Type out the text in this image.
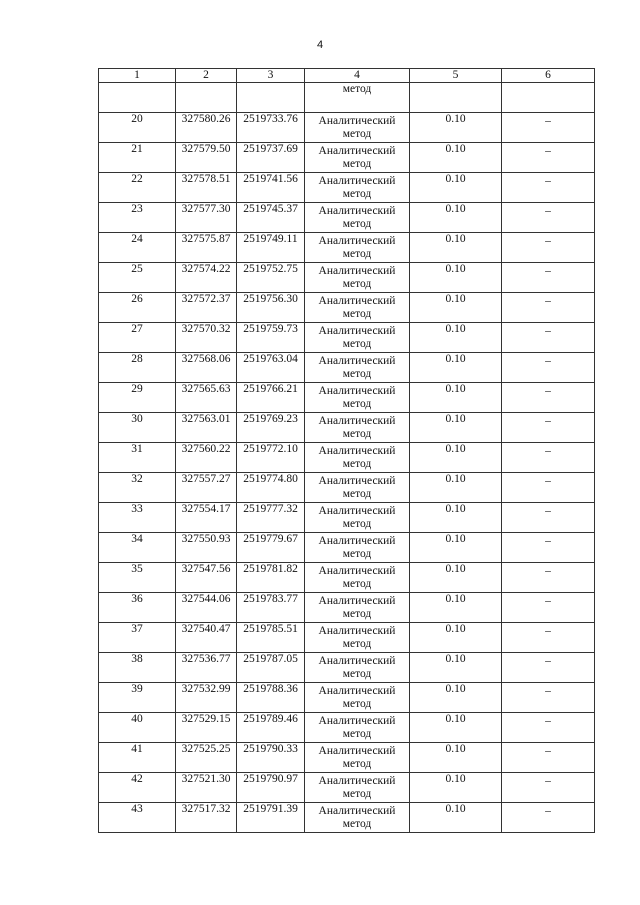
4
1	2	3	4	5	6
			метод		
20	327580.26	2519733.76	Аналитический
метод	0.10	–
21	327579.50	2519737.69	Аналитический
метод	0.10	–
22	327578.51	2519741.56	Аналитический
метод	0.10	–
23	327577.30	2519745.37	Аналитический
метод	0.10	–
24	327575.87	2519749.11	Аналитический
метод	0.10	–
25	327574.22	2519752.75	Аналитический
метод	0.10	–
26	327572.37	2519756.30	Аналитический
метод	0.10	–
27	327570.32	2519759.73	Аналитический
метод	0.10	–
28	327568.06	2519763.04	Аналитический
метод	0.10	–
29	327565.63	2519766.21	Аналитический
метод	0.10	–
30	327563.01	2519769.23	Аналитический
метод	0.10	–
31	327560.22	2519772.10	Аналитический
метод	0.10	–
32	327557.27	2519774.80	Аналитический
метод	0.10	–
33	327554.17	2519777.32	Аналитический
метод	0.10	–
34	327550.93	2519779.67	Аналитический
метод	0.10	–
35	327547.56	2519781.82	Аналитический
метод	0.10	–
36	327544.06	2519783.77	Аналитический
метод	0.10	–
37	327540.47	2519785.51	Аналитический
метод	0.10	–
38	327536.77	2519787.05	Аналитический
метод	0.10	–
39	327532.99	2519788.36	Аналитический
метод	0.10	–
40	327529.15	2519789.46	Аналитический
метод	0.10	–
41	327525.25	2519790.33	Аналитический
метод	0.10	–
42	327521.30	2519790.97	Аналитический
метод	0.10	–
43	327517.32	2519791.39	Аналитический
метод	0.10	–
